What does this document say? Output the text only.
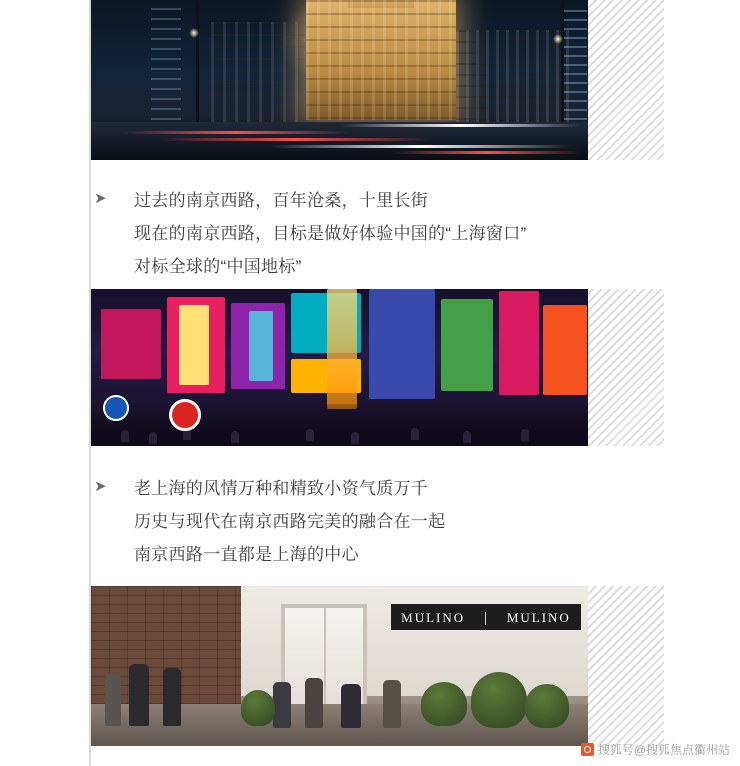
➤	过去的南京西路，百年沧桑，十里长街

现在的南京西路，目标是做好体验中国的“上海窗口”

对标全球的“中国地标”

➤	老上海的风情万种和精致小资气质万千

历史与现代在南京西路完美的融合在一起

南京西路一直都是上海的中心

MULINO	MULINO
搜狐号@搜狐焦点衢州站
